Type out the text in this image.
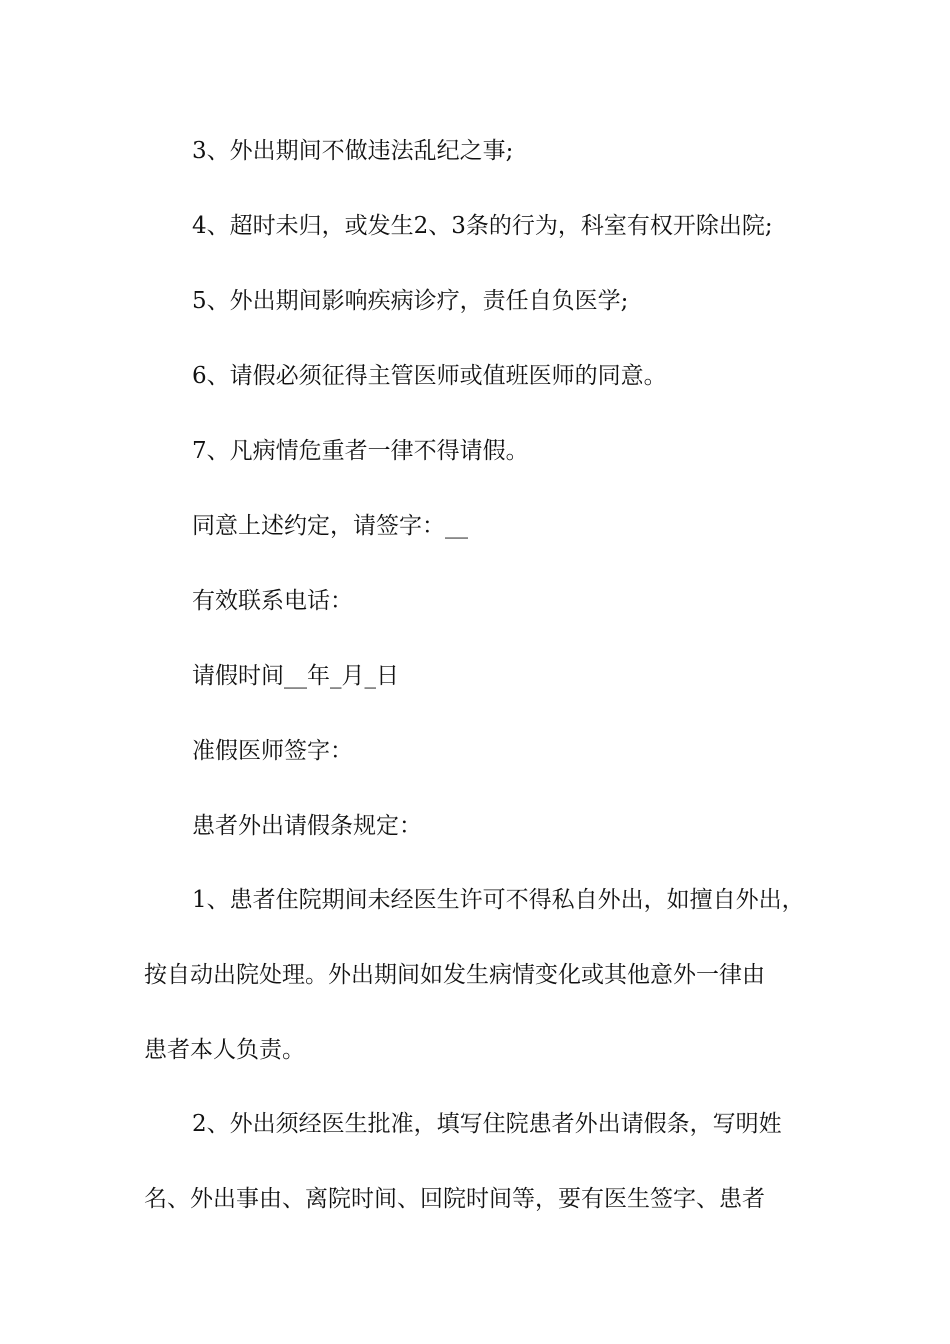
3、外出期间不做违法乱纪之事;

4、超时未归，或发生2、3条的行为，科室有权开除出院;

5、外出期间影响疾病诊疗，责任自负医学;

6、请假必须征得主管医师或值班医师的同意。

7、凡病情危重者一律不得请假。

同意上述约定，请签字：__

有效联系电话：

请假时间__年_月_日

准假医师签字：

患者外出请假条规定：

1、患者住院期间未经医生许可不得私自外出，如擅自外出，

按自动出院处理。外出期间如发生病情变化或其他意外一律由

患者本人负责。

2、外出须经医生批准，填写住院患者外出请假条，写明姓

名、外出事由、离院时间、回院时间等，要有医生签字、患者
